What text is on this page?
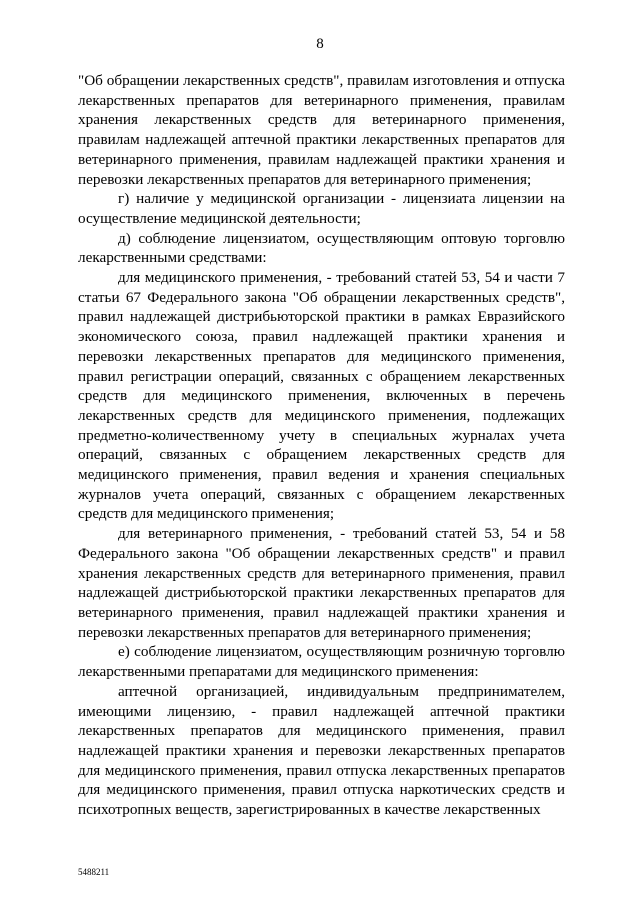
8

"Об обращении лекарственных средств", правилам изготовления и отпуска лекарственных препаратов для ветеринарного применения, правилам хранения лекарственных средств для ветеринарного применения, правилам надлежащей аптечной практики лекарственных препаратов для ветеринарного применения, правилам надлежащей практики хранения и перевозки лекарственных препаратов для ветеринарного применения;

г) наличие у медицинской организации - лицензиата лицензии на осуществление медицинской деятельности;

д) соблюдение лицензиатом, осуществляющим оптовую торговлю лекарственными средствами:

для медицинского применения, - требований статей 53, 54 и части 7 статьи 67 Федерального закона "Об обращении лекарственных средств", правил надлежащей дистрибьюторской практики в рамках Евразийского экономического союза, правил надлежащей практики хранения и перевозки лекарственных препаратов для медицинского применения, правил регистрации операций, связанных с обращением лекарственных средств для медицинского применения, включенных в перечень лекарственных средств для медицинского применения, подлежащих предметно-количественному учету в специальных журналах учета операций, связанных с обращением лекарственных средств для медицинского применения, правил ведения и хранения специальных журналов учета операций, связанных с обращением лекарственных средств для медицинского применения;

для ветеринарного применения, - требований статей 53, 54 и 58 Федерального закона "Об обращении лекарственных средств" и правил хранения лекарственных средств для ветеринарного применения, правил надлежащей дистрибьюторской практики лекарственных препаратов для ветеринарного применения, правил надлежащей практики хранения и перевозки лекарственных препаратов для ветеринарного применения;

е) соблюдение лицензиатом, осуществляющим розничную торговлю лекарственными препаратами для медицинского применения:

аптечной организацией, индивидуальным предпринимателем, имеющими лицензию, - правил надлежащей аптечной практики лекарственных препаратов для медицинского применения, правил надлежащей практики хранения и перевозки лекарственных препаратов для медицинского применения, правил отпуска лекарственных препаратов для медицинского применения, правил отпуска наркотических средств и психотропных веществ, зарегистрированных в качестве лекарственных

5488211
